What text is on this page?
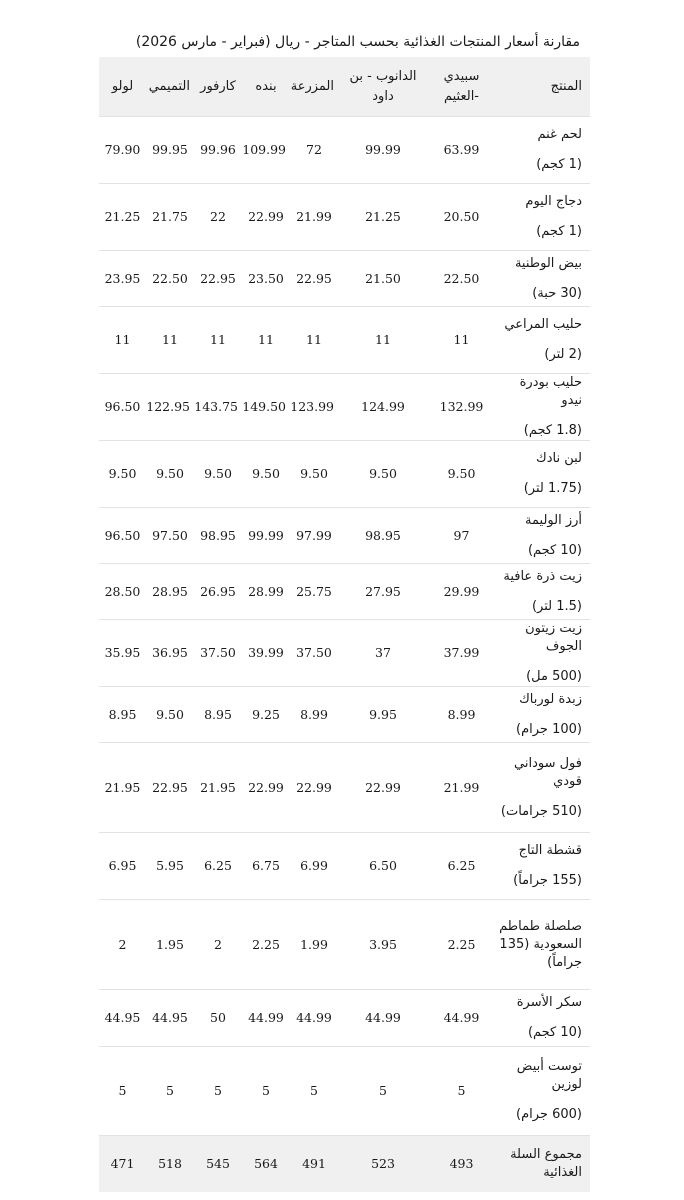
مقارنة أسعار المنتجات الغذائية بحسب المتاجر - ريال (فبراير - مارس 2026)
المنتج	سبيدي -العثيم	الدانوب - بن داود	المزرعة	بنده	كارفور	التميمي	لولو

لحم غنم
(1 كجم)	63.99	99.99	72	109.99	99.96	99.95	79.90

دجاج اليوم
(1 كجم)	20.50	21.25	21.99	22.99	22	21.75	21.25

بيض الوطنية
(30 حبة)	22.50	21.50	22.95	23.50	22.95	22.50	23.95

حليب المراعي
(2 لتر)	11	11	11	11	11	11	11

حليب بودرة نيدو
(1.8 كجم)	132.99	124.99	123.99	149.50	143.75	122.95	96.50

لبن نادك
(1.75 لتر)	9.50	9.50	9.50	9.50	9.50	9.50	9.50

أرز الوليمة
(10 كجم)	97	98.95	97.99	99.99	98.95	97.50	96.50

زيت ذرة عافية
(1.5 لتر)	29.99	27.95	25.75	28.99	26.95	28.95	28.50

زيت زيتون الجوف
(500 مل)	37.99	37	37.50	39.99	37.50	36.95	35.95

زبدة لورباك
(100 جرام)	8.99	9.95	8.99	9.25	8.95	9.50	8.95

فول سوداني قودي
(510 جرامات)	21.99	22.99	22.99	22.99	21.95	22.95	21.95

قشطة التاج
(155 جراماً)	6.25	6.50	6.99	6.75	6.25	5.95	6.95

صلصلة طماطم السعودية (135 جراماً)	2.25	3.95	1.99	2.25	2	1.95	2

سكر الأسرة
(10 كجم)	44.99	44.99	44.99	44.99	50	44.95	44.95

توست أبيض لوزين
(600 جرام)	5	5	5	5	5	5	5
مجموع السلة الغذائية	493	523	491	564	545	518	471
